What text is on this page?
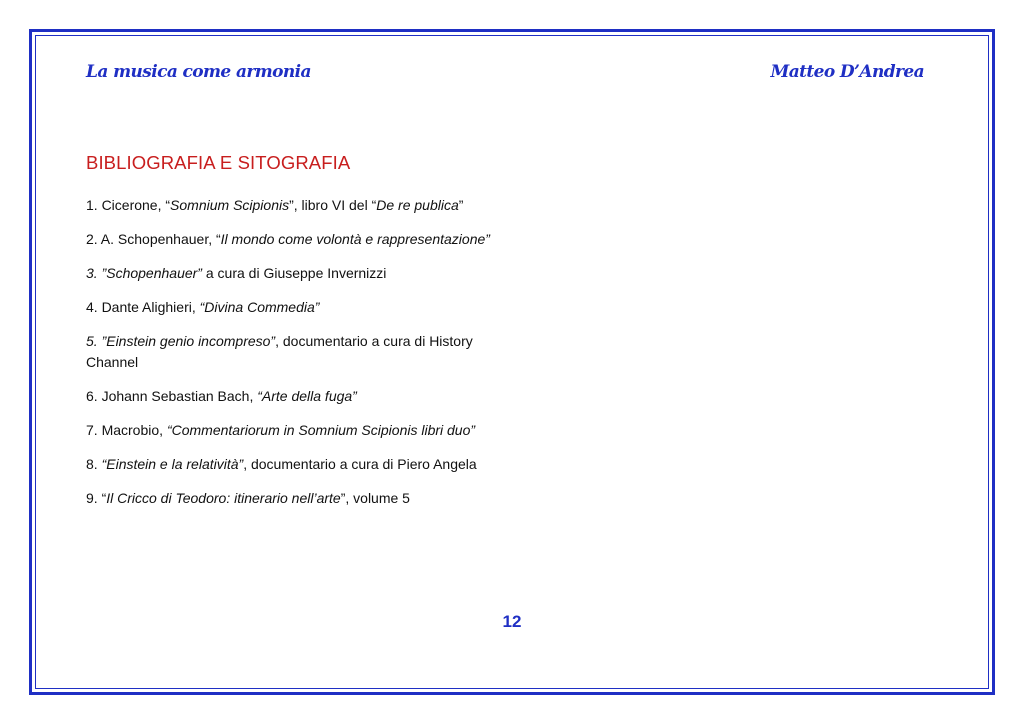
La musica come armonia	Matteo D’Andrea
BIBLIOGRAFIA E SITOGRAFIA
1. Cicerone, “Somnium Scipionis”, libro VI del “De re publica”
2. A. Schopenhauer, “Il mondo come volontà e rappresentazione”
3. ”Schopenhauer” a cura di Giuseppe Invernizzi
4. Dante Alighieri, “Divina Commedia”
5. ”Einstein genio incompreso”, documentario a cura di History Channel
6. Johann Sebastian Bach, “Arte della fuga”
7. Macrobio, “Commentariorum in Somnium Scipionis libri duo”
8. “Einstein e la relatività”, documentario a cura di Piero Angela
9. “Il Cricco di Teodoro: itinerario nell’arte”, volume 5
12
